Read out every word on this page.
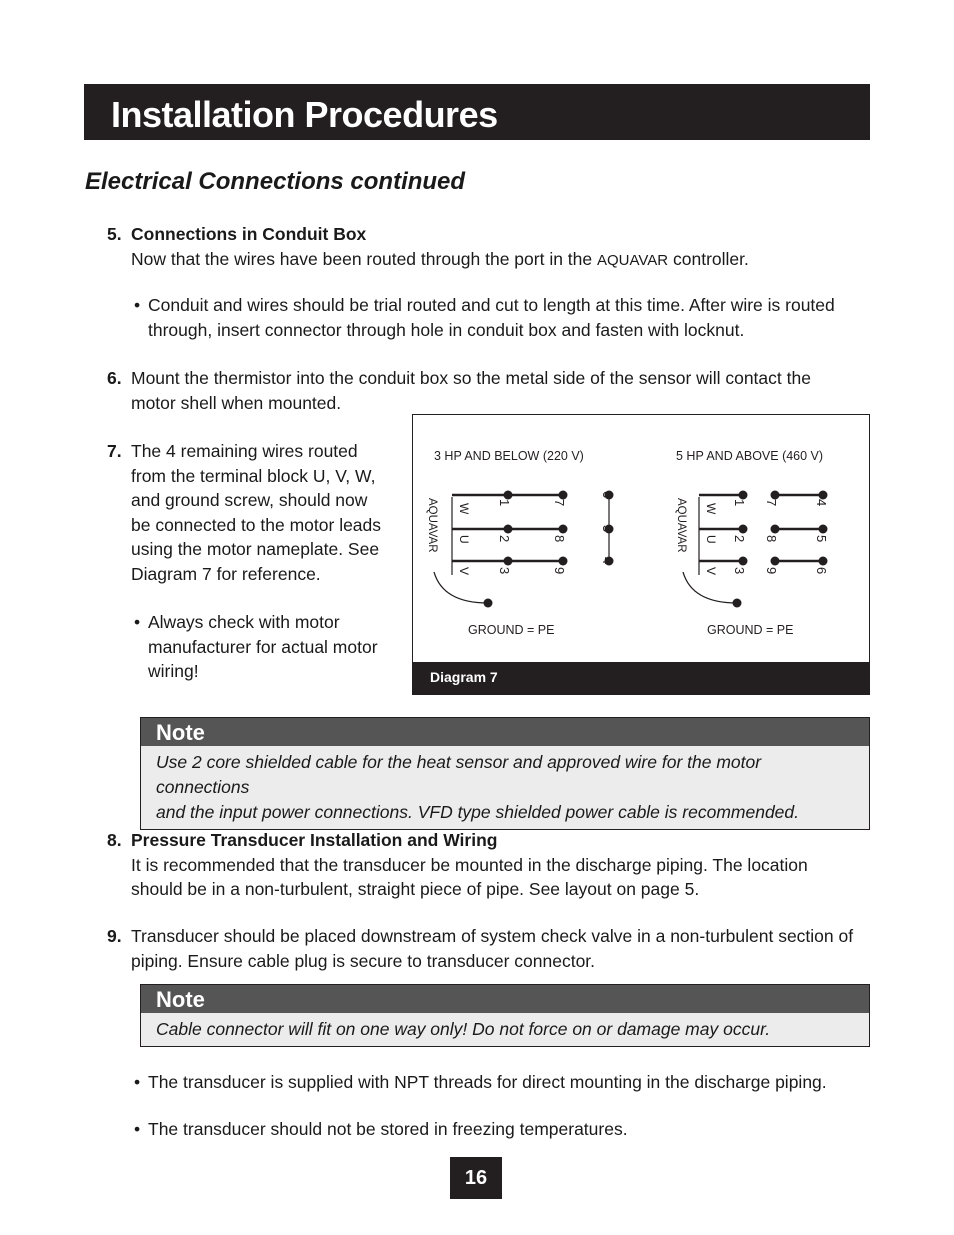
Installation Procedures
Electrical Connections continued
5. Connections in Conduit Box
Now that the wires have been routed through the port in the AQUAVAR controller.
• Conduit and wires should be trial routed and cut to length at this time. After wire is routed
through, insert connector through hole in conduit box and fasten with locknut.
6. Mount the thermistor into the conduit box so the metal side of the sensor will contact the
motor shell when mounted.
7. The 4 remaining wires routed
from the terminal block U, V, W,
and ground screw, should now
be connected to the motor leads
using the motor nameplate. See
Diagram 7 for reference.
• Always check with motor
manufacturer for actual motor
wiring!
3 HP AND BELOW (220 V)
AQUAVAR W
U
V
1
2
3
7
8
9
6
5
4
GROUND = PE
5 HP AND ABOVE (460 V)
AQUAVAR W
U
V
1
2
3
7
8
9
4
5
6
GROUND = PE
Diagram 7
Note
Use 2 core shielded cable for the heat sensor and approved wire for the motor connections
and the input power connections. VFD type shielded power cable is recommended.
8. Pressure Transducer Installation and Wiring
It is recommended that the transducer be mounted in the discharge piping. The location
should be in a non-turbulent, straight piece of pipe. See layout on page 5.
9. Transducer should be placed downstream of system check valve in a non-turbulent section of
piping. Ensure cable plug is secure to transducer connector.
Note
Cable connector will fit on one way only! Do not force on or damage may occur.
• The transducer is supplied with NPT threads for direct mounting in the discharge piping.
• The transducer should not be stored in freezing temperatures.
16
